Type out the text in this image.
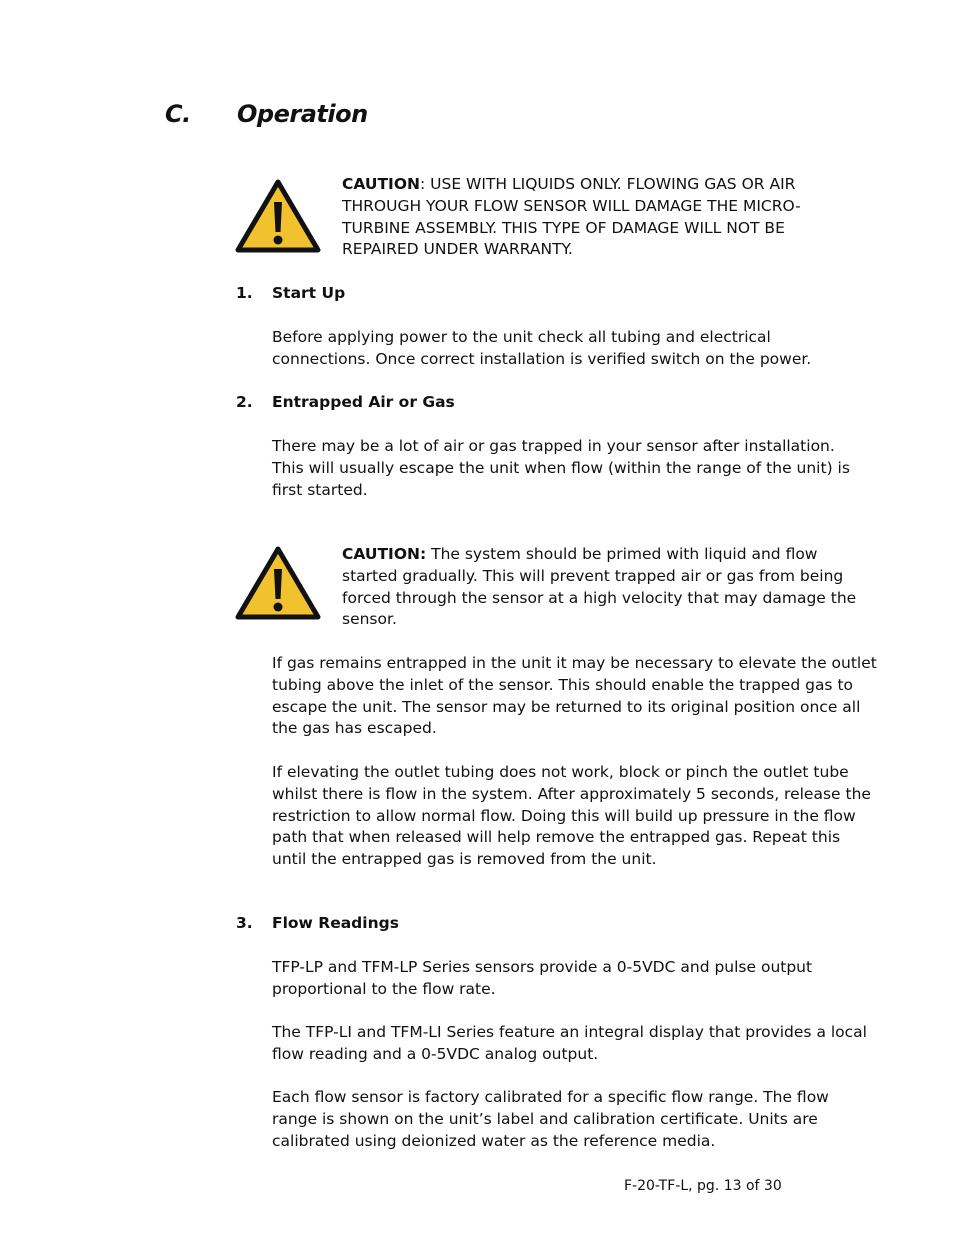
C. Operation
CAUTION: USE WITH LIQUIDS ONLY. FLOWING GAS OR AIR
THROUGH YOUR FLOW SENSOR WILL DAMAGE THE MICRO-
TURBINE ASSEMBLY. THIS TYPE OF DAMAGE WILL NOT BE
REPAIRED UNDER WARRANTY.
1. Start Up
Before applying power to the unit check all tubing and electrical
connections. Once correct installation is verified switch on the power.
2. Entrapped Air or Gas
There may be a lot of air or gas trapped in your sensor after installation.
This will usually escape the unit when flow (within the range of the unit) is
first started.
CAUTION: The system should be primed with liquid and flow
started gradually. This will prevent trapped air or gas from being
forced through the sensor at a high velocity that may damage the
sensor.
If gas remains entrapped in the unit it may be necessary to elevate the outlet
tubing above the inlet of the sensor. This should enable the trapped gas to
escape the unit. The sensor may be returned to its original position once all
the gas has escaped.
If elevating the outlet tubing does not work, block or pinch the outlet tube
whilst there is flow in the system. After approximately 5 seconds, release the
restriction to allow normal flow. Doing this will build up pressure in the flow
path that when released will help remove the entrapped gas. Repeat this
until the entrapped gas is removed from the unit.
3. Flow Readings
TFP-LP and TFM-LP Series sensors provide a 0-5VDC and pulse output
proportional to the flow rate.
The TFP-LI and TFM-LI Series feature an integral display that provides a local
flow reading and a 0-5VDC analog output.
Each flow sensor is factory calibrated for a specific flow range. The flow
range is shown on the unit’s label and calibration certificate. Units are
calibrated using deionized water as the reference media.
F-20-TF-L, pg. 13 of 30
